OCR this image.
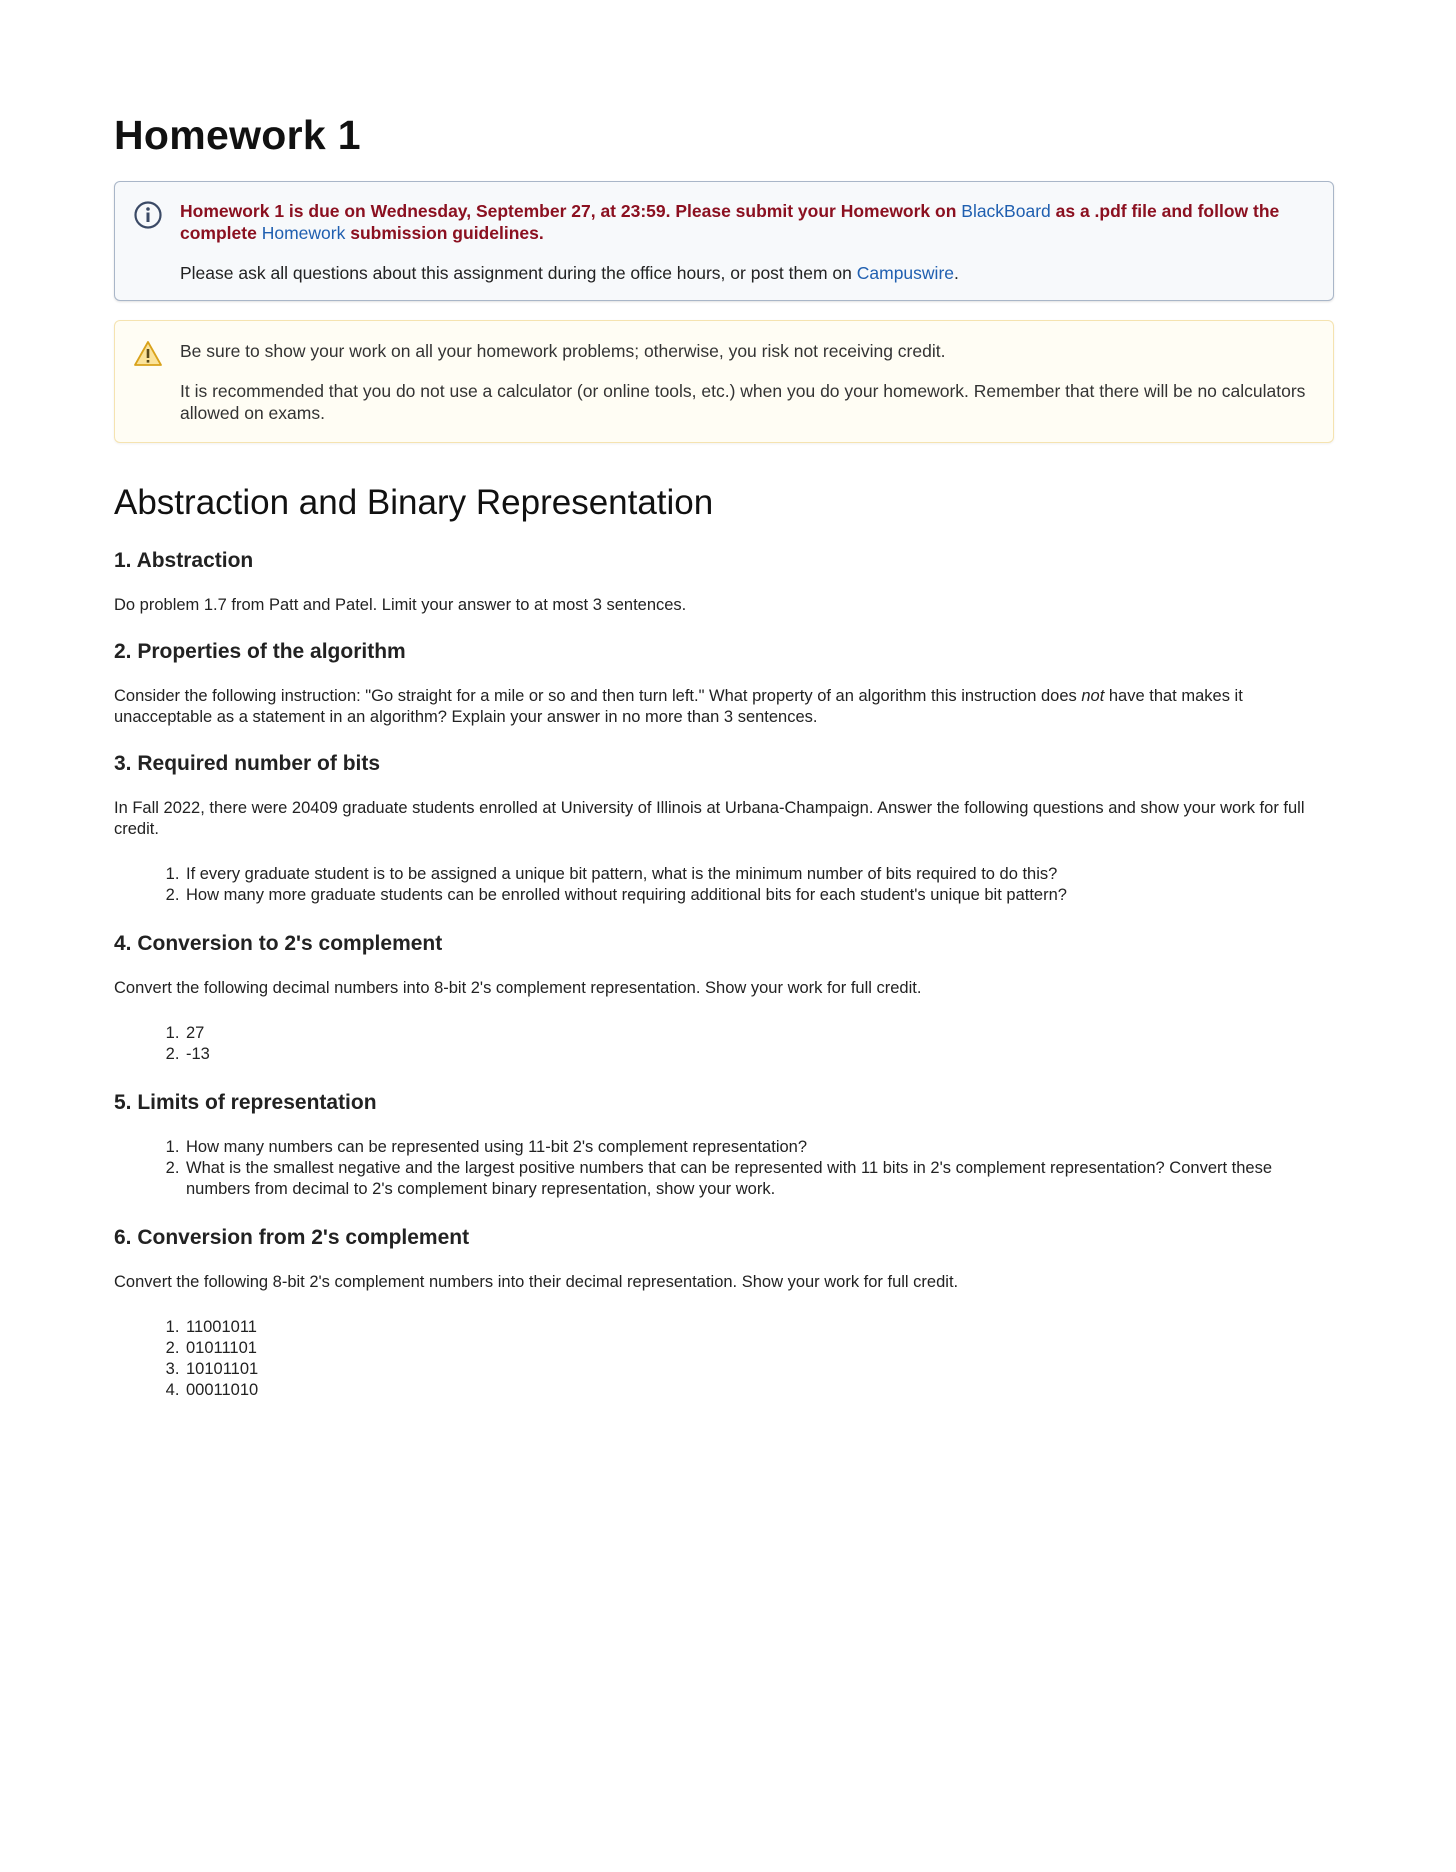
Homework 1

Homework 1 is due on Wednesday, September 27, at 23:59. Please submit your Homework on BlackBoard as a .pdf file and follow the complete Homework submission guidelines.

Please ask all questions about this assignment during the office hours, or post them on Campuswire.

Be sure to show your work on all your homework problems; otherwise, you risk not receiving credit.

It is recommended that you do not use a calculator (or online tools, etc.) when you do your homework. Remember that there will be no calculators allowed on exams.

Abstraction and Binary Representation
1. Abstraction

Do problem 1.7 from Patt and Patel. Limit your answer to at most 3 sentences.

2. Properties of the algorithm

Consider the following instruction: "Go straight for a mile or so and then turn left." What property of an algorithm this instruction does not have that makes it unacceptable as a statement in an algorithm? Explain your answer in no more than 3 sentences.

3. Required number of bits

In Fall 2022, there were 20409 graduate students enrolled at University of Illinois at Urbana-Champaign. Answer the following questions and show your work for full credit.

1. If every graduate student is to be assigned a unique bit pattern, what is the minimum number of bits required to do this?
2. How many more graduate students can be enrolled without requiring additional bits for each student's unique bit pattern?
4. Conversion to 2's complement

Convert the following decimal numbers into 8-bit 2's complement representation. Show your work for full credit.

1. 27
2. -13
5. Limits of representation
1. How many numbers can be represented using 11-bit 2's complement representation?
2. What is the smallest negative and the largest positive numbers that can be represented with 11 bits in 2's complement representation? Convert these numbers from decimal to 2's complement binary representation, show your work.
6. Conversion from 2's complement

Convert the following 8-bit 2's complement numbers into their decimal representation. Show your work for full credit.

1. 11001011
2. 01011101
3. 10101101
4. 00011010
